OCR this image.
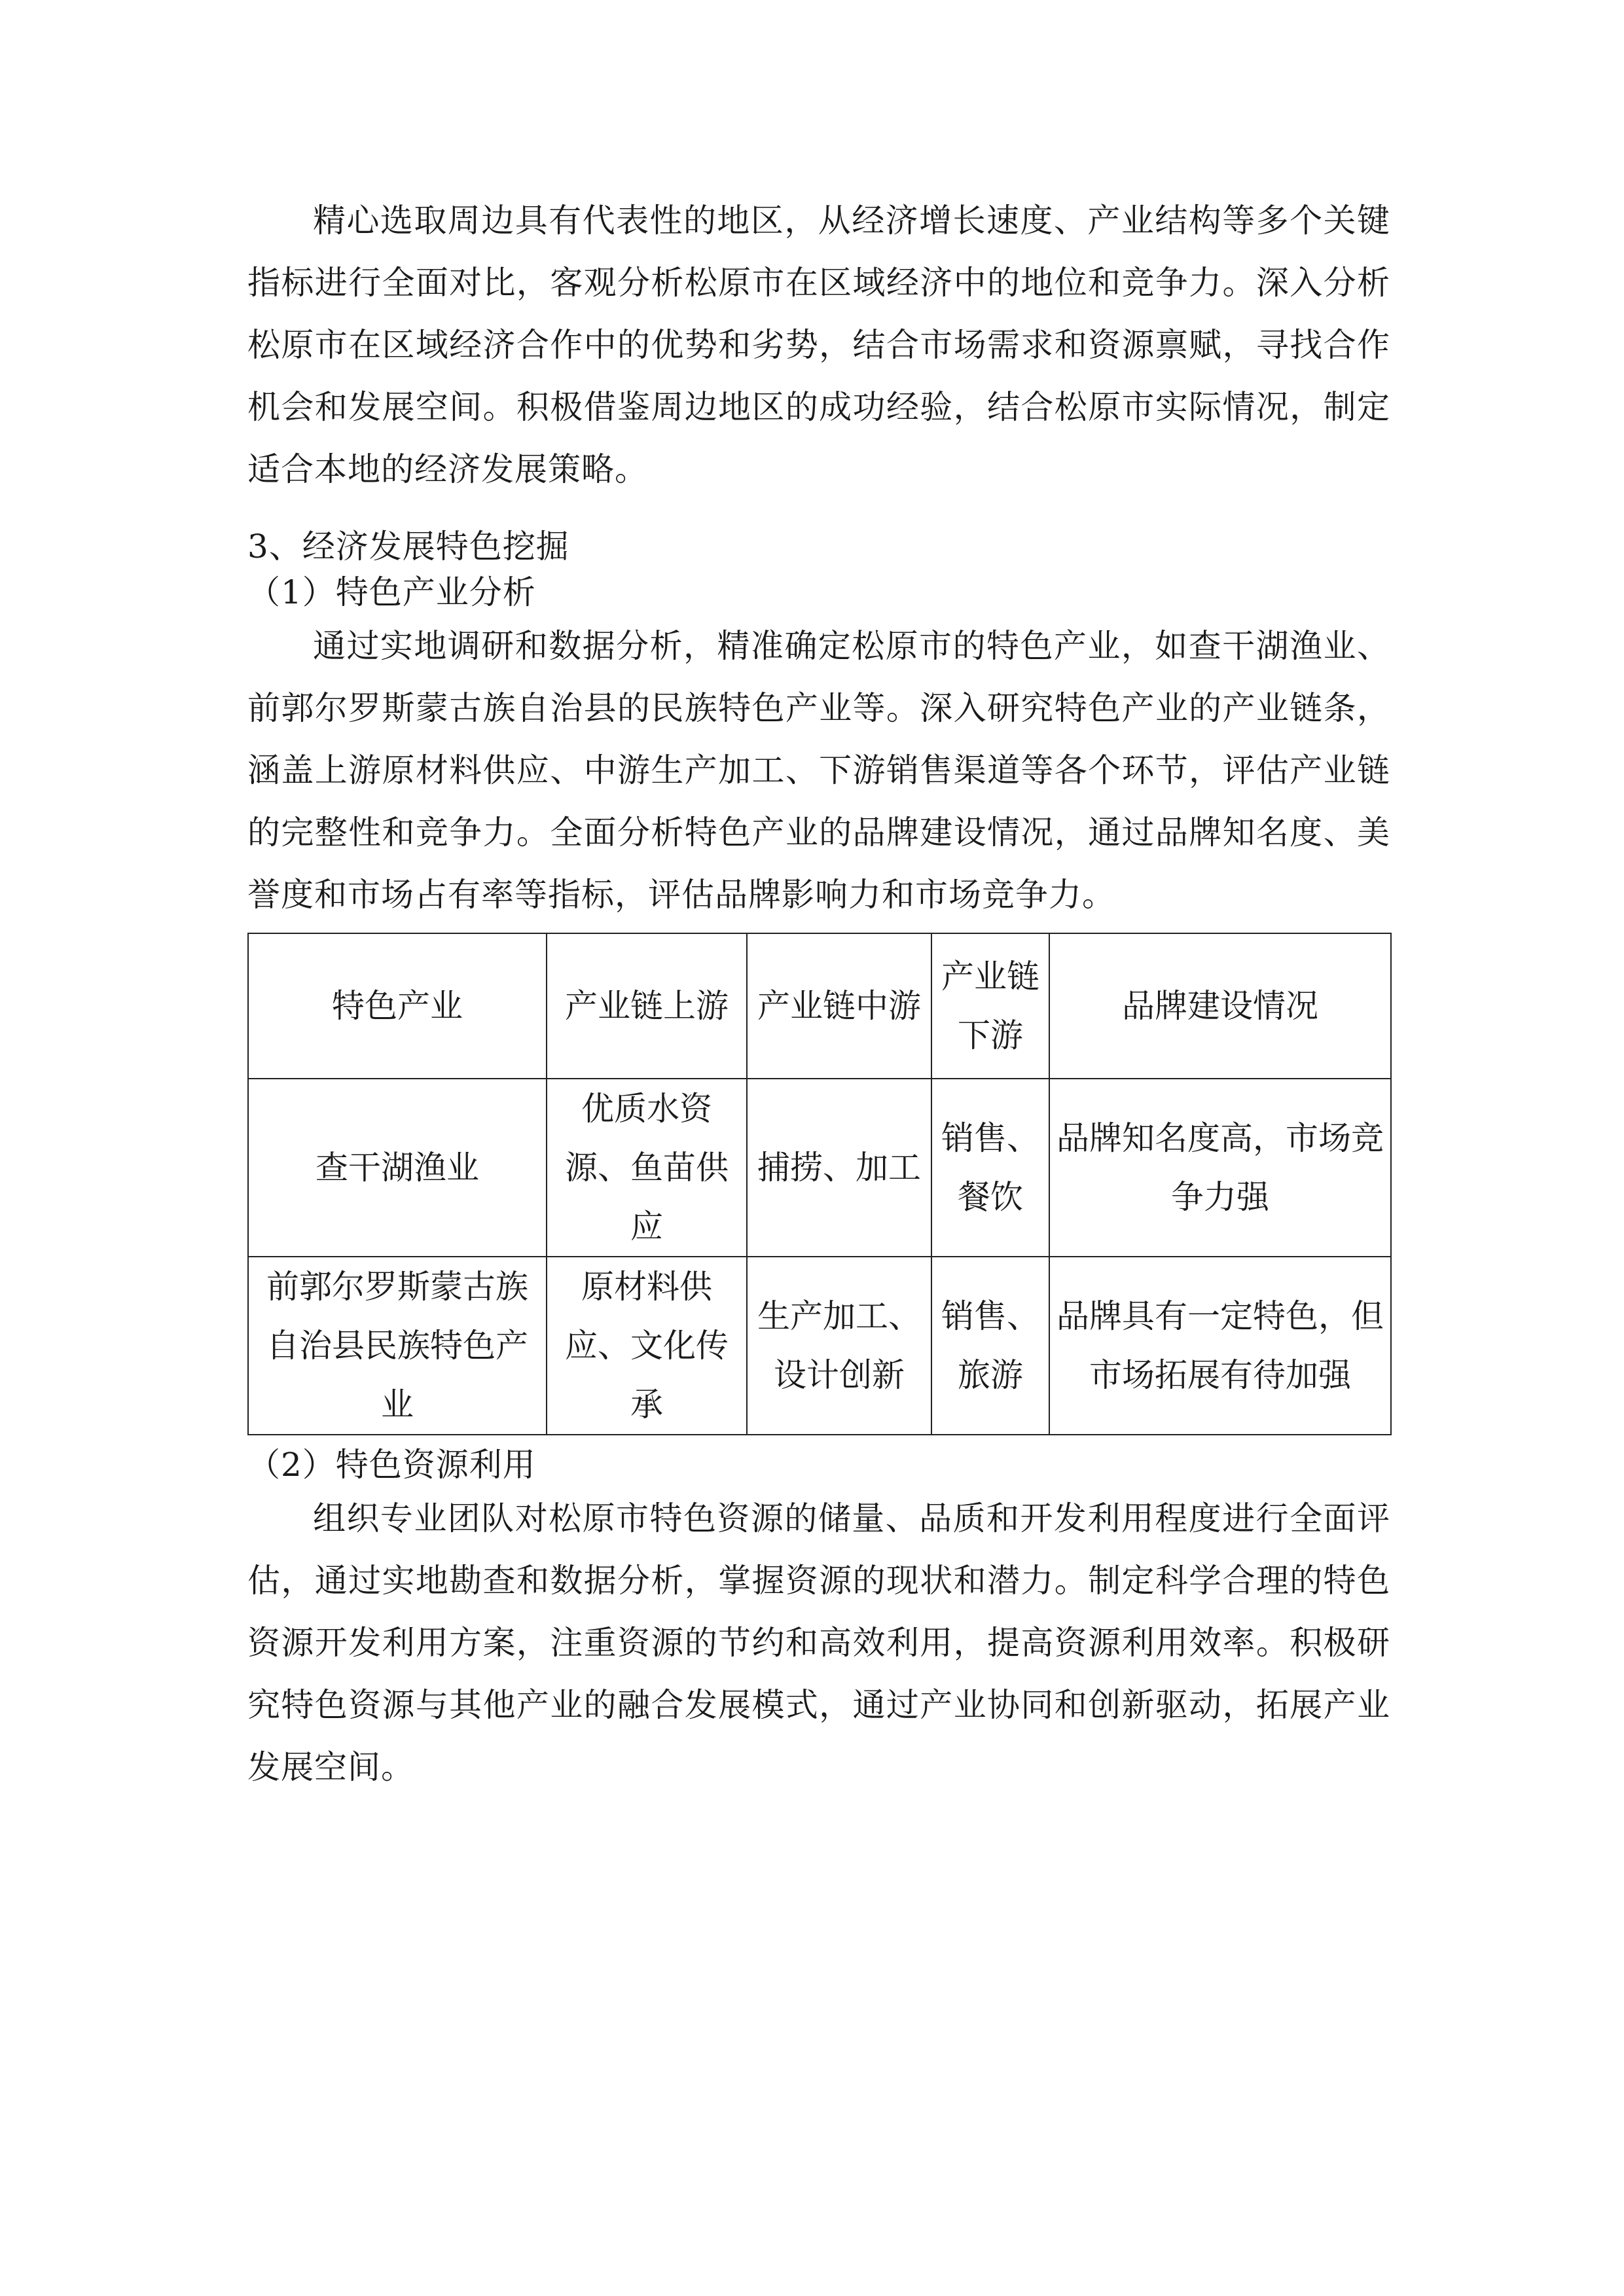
精心选取周边具有代表性的地区，从经济增长速度、产业结构等多个关键指标进行全面对比，客观分析松原市在区域经济中的地位和竞争力。深入分析松原市在区域经济合作中的优势和劣势，结合市场需求和资源禀赋，寻找合作机会和发展空间。积极借鉴周边地区的成功经验，结合松原市实际情况，制定适合本地的经济发展策略。

3、经济发展特色挖掘

（1）特色产业分析

通过实地调研和数据分析，精准确定松原市的特色产业，如查干湖渔业、前郭尔罗斯蒙古族自治县的民族特色产业等。深入研究特色产业的产业链条，涵盖上游原材料供应、中游生产加工、下游销售渠道等各个环节，评估产业链的完整性和竞争力。全面分析特色产业的品牌建设情况，通过品牌知名度、美誉度和市场占有率等指标，评估品牌影响力和市场竞争力。

特色产业	产业链上游	产业链中游	产业链下游	品牌建设情况
查干湖渔业	优质水资源、鱼苗供应	捕捞、加工	销售、餐饮	品牌知名度高，市场竞争力强
前郭尔罗斯蒙古族自治县民族特色产业	原材料供应、文化传承	生产加工、设计创新	销售、旅游	品牌具有一定特色，但市场拓展有待加强

（2）特色资源利用

组织专业团队对松原市特色资源的储量、品质和开发利用程度进行全面评估，通过实地勘查和数据分析，掌握资源的现状和潜力。制定科学合理的特色资源开发利用方案，注重资源的节约和高效利用，提高资源利用效率。积极研究特色资源与其他产业的融合发展模式，通过产业协同和创新驱动，拓展产业发展空间。
